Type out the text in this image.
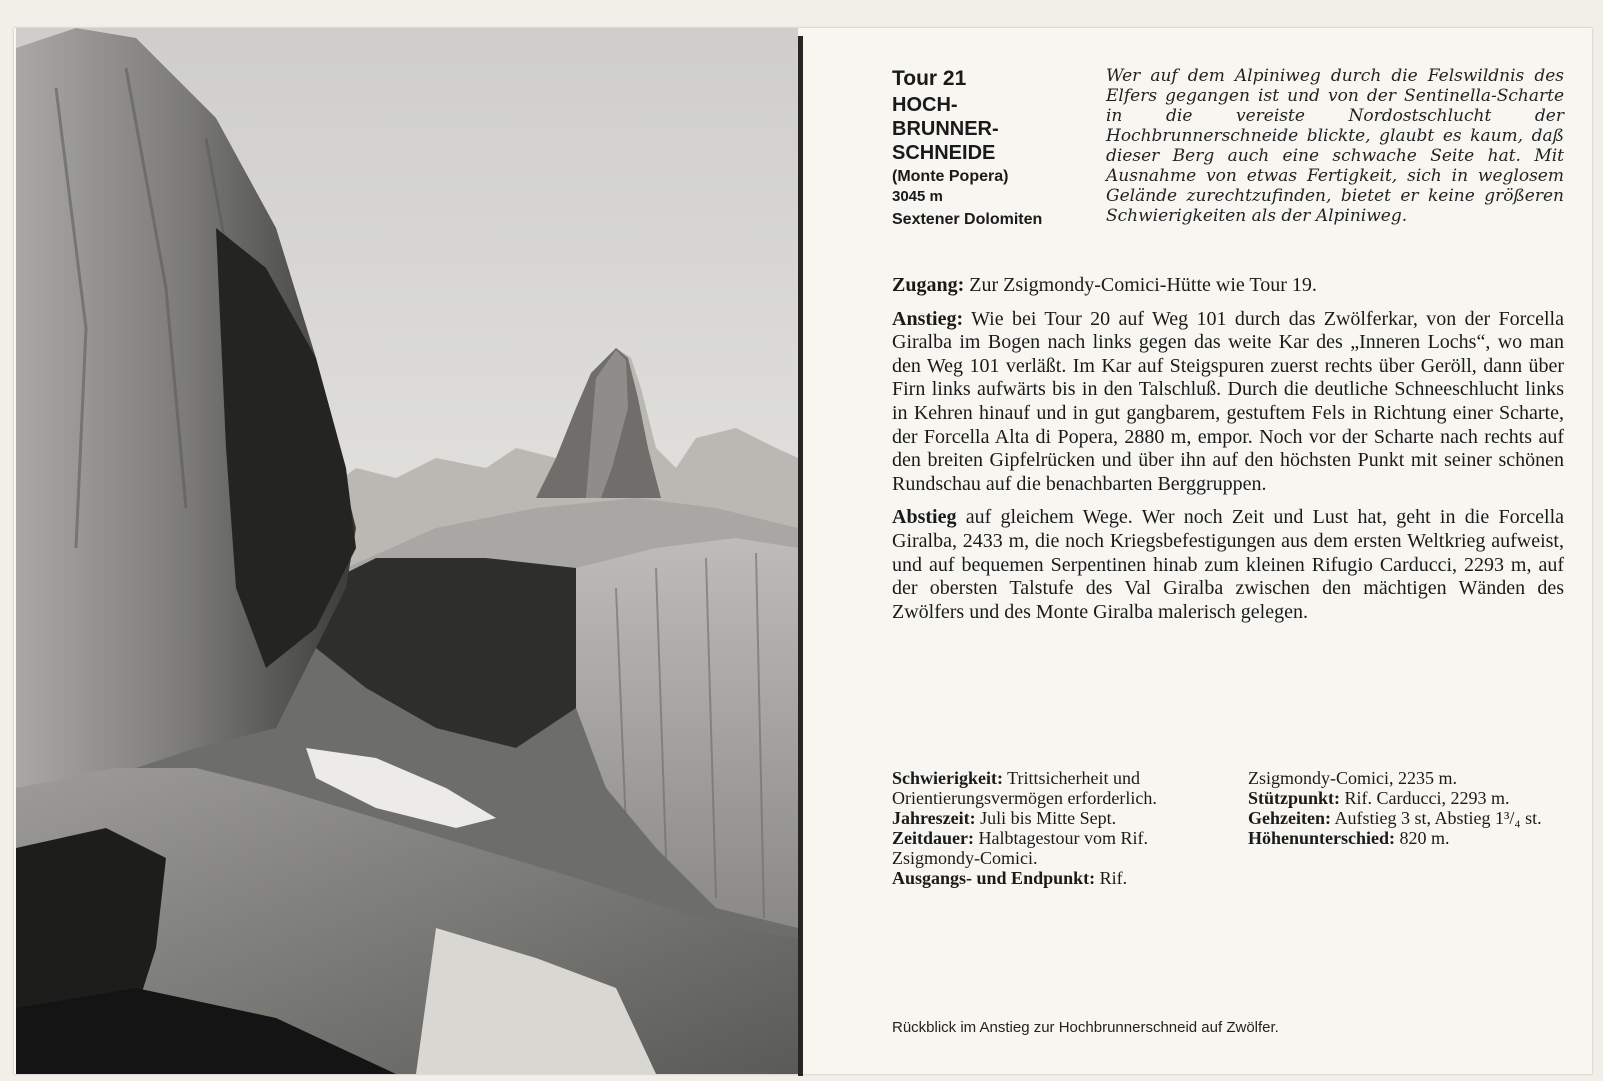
Tour 21
HOCH-
BRUNNER-
SCHNEIDE
(Monte Popera)
3045 m
Sextener Dolomiten
Wer auf dem Alpiniweg durch die Felswildnis des Elfers gegangen ist und von der Sentinella-Scharte in die vereiste Nordostschlucht der Hochbrunnerschneide blickte, glaubt es kaum, daß dieser Berg auch eine schwache Seite hat. Mit Ausnahme von etwas Fertigkeit, sich in weglosem Gelände zurechtzufinden, bietet er keine größeren Schwierigkeiten als der Alpiniweg.

Zugang: Zur Zsigmondy-Comici-Hütte wie Tour 19.

Anstieg: Wie bei Tour 20 auf Weg 101 durch das Zwölferkar, von der Forcella Giralba im Bogen nach links gegen das weite Kar des „Inneren Lochs“, wo man den Weg 101 verläßt. Im Kar auf Steigspuren zuerst rechts über Geröll, dann über Firn links aufwärts bis in den Talschluß. Durch die deutliche Schneeschlucht links in Kehren hinauf und in gut gangbarem, gestuftem Fels in Richtung einer Scharte, der Forcella Alta di Popera, 2880 m, empor. Noch vor der Scharte nach rechts auf den breiten Gipfelrücken und über ihn auf den höchsten Punkt mit seiner schönen Rundschau auf die benachbarten Berggruppen.

Abstieg auf gleichem Wege. Wer noch Zeit und Lust hat, geht in die Forcella Giralba, 2433 m, die noch Kriegsbefestigungen aus dem ersten Weltkrieg aufweist, und auf bequemen Serpentinen hinab zum kleinen Rifugio Carducci, 2293 m, auf der obersten Talstufe des Val Giralba zwischen den mächtigen Wänden des Zwölfers und des Monte Giralba malerisch gelegen.

Schwierigkeit: Trittsicherheit und Orientierungsvermögen erforderlich.

Jahreszeit: Juli bis Mitte Sept.

Zeitdauer: Halbtagestour vom Rif. Zsigmondy-Comici.

Ausgangs- und Endpunkt: Rif.

Zsigmondy-Comici, 2235 m.

Stützpunkt: Rif. Carducci, 2293 m.

Gehzeiten: Aufstieg 3 st, Abstieg 1³/₄ st.

Höhenunterschied: 820 m.

Rückblick im Anstieg zur Hochbrunnerschneid auf Zwölfer.
